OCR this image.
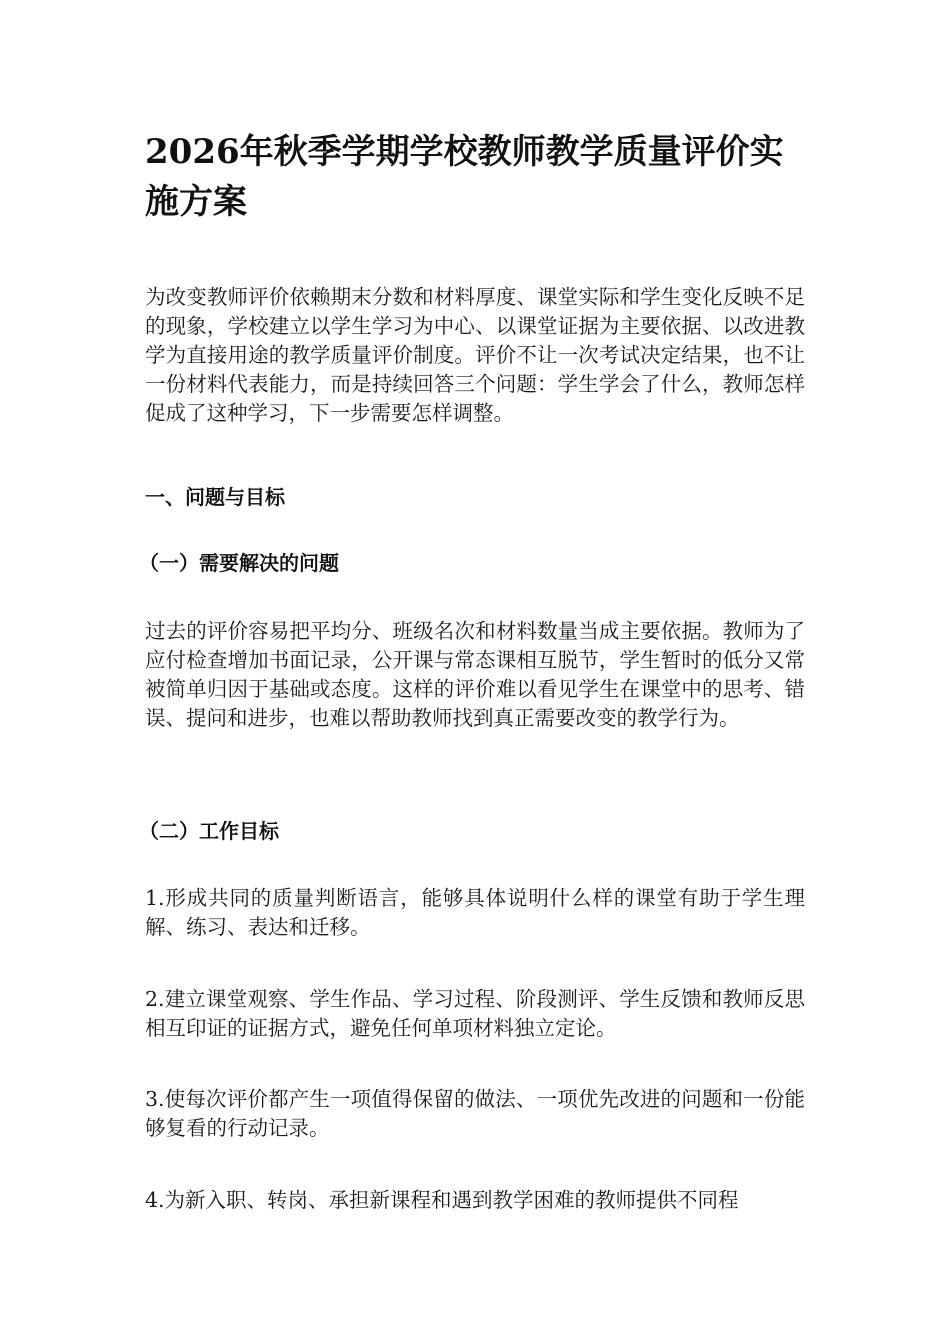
2026年秋季学期学校教师教学质量评价实施方案

为改变教师评价依赖期末分数和材料厚度、课堂实际和学生变化反映不足的现象，学校建立以学生学习为中心、以课堂证据为主要依据、以改进教学为直接用途的教学质量评价制度。评价不让一次考试决定结果，也不让一份材料代表能力，而是持续回答三个问题：学生学会了什么，教师怎样促成了这种学习，下一步需要怎样调整。

一、问题与目标
（一）需要解决的问题

过去的评价容易把平均分、班级名次和材料数量当成主要依据。教师为了应付检查增加书面记录，公开课与常态课相互脱节，学生暂时的低分又常被简单归因于基础或态度。这样的评价难以看见学生在课堂中的思考、错误、提问和进步，也难以帮助教师找到真正需要改变的教学行为。

（二）工作目标

1.形成共同的质量判断语言，能够具体说明什么样的课堂有助于学生理解、练习、表达和迁移。

2.建立课堂观察、学生作品、学习过程、阶段测评、学生反馈和教师反思相互印证的证据方式，避免任何单项材料独立定论。

3.使每次评价都产生一项值得保留的做法、一项优先改进的问题和一份能够复看的行动记录。

4.为新入职、转岗、承担新课程和遇到教学困难的教师提供不同程
